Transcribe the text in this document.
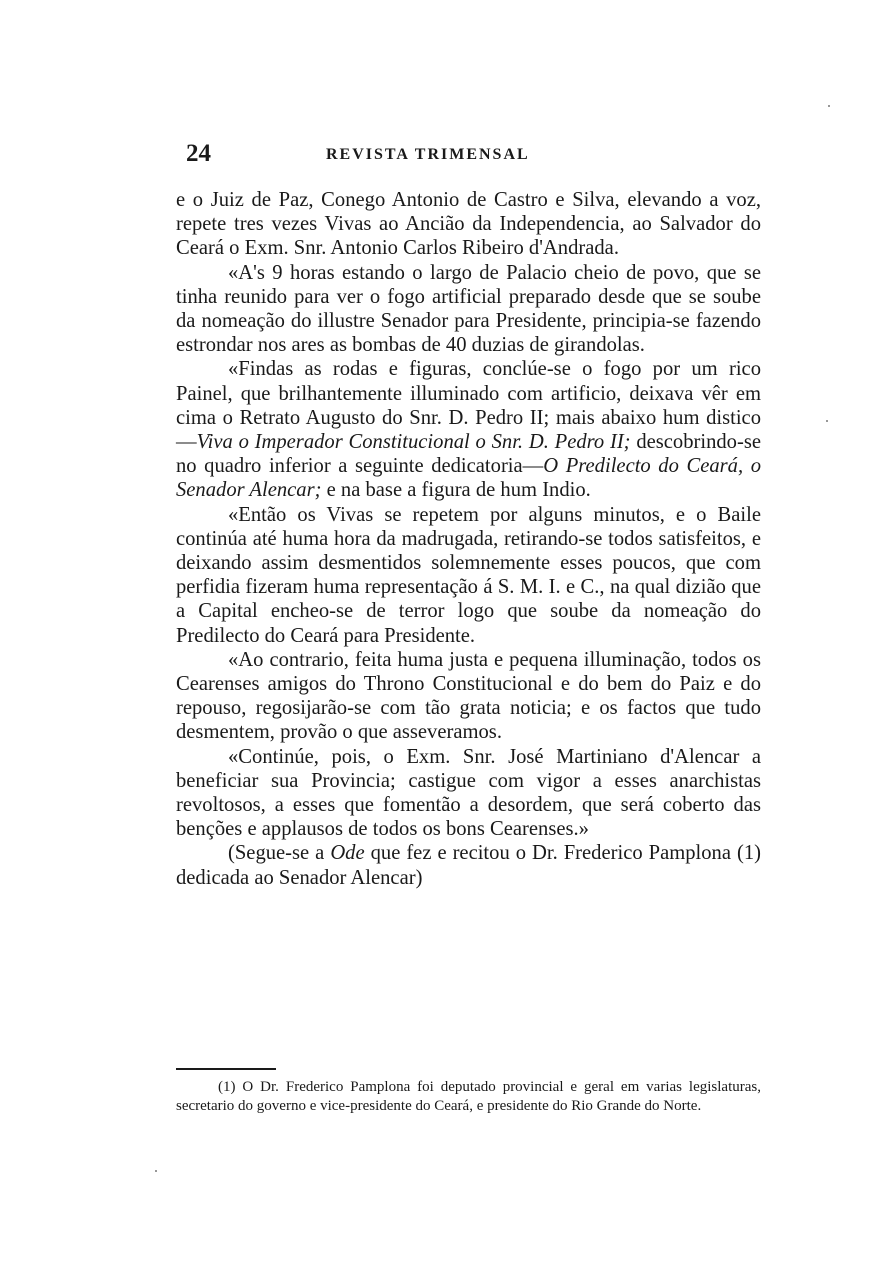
24	REVISTA TRIMENSAL

e o Juiz de Paz, Conego Antonio de Castro e Silva, elevando a voz, repete tres vezes Vivas ao Ancião da Independencia, ao Salvador do Ceará o Exm. Snr. Antonio Carlos Ribeiro d'Andrada.

«A's 9 horas estando o largo de Palacio cheio de povo, que se tinha reunido para ver o fogo artificial preparado desde que se soube da nomeação do illustre Senador para Presidente, principia-se fazendo estrondar nos ares as bombas de 40 duzias de girandolas.

«Findas as rodas e figuras, conclúe-se o fogo por um rico Painel, que brilhantemente illuminado com artificio, deixava vêr em cima o Retrato Augusto do Snr. D. Pedro II; mais abaixo hum distico—Viva o Imperador Constitucional o Snr. D. Pedro II; descobrindo-se no quadro inferior a seguinte dedicatoria—O Predilecto do Ceará, o Senador Alencar; e na base a figura de hum Indio.

«Então os Vivas se repetem por alguns minutos, e o Baile continúa até huma hora da madrugada, retirando-se todos satisfeitos, e deixando assim desmentidos solemnemente esses poucos, que com perfidia fizeram huma representação á S. M. I. e C., na qual dizião que a Capital encheo-se de terror logo que soube da nomeação do Predilecto do Ceará para Presidente.

«Ao contrario, feita huma justa e pequena illuminação, todos os Cearenses amigos do Throno Constitucional e do bem do Paiz e do repouso, regosijarão-se com tão grata noticia; e os factos que tudo desmentem, provão o que asseveramos.

«Continúe, pois, o Exm. Snr. José Martiniano d'Alencar a beneficiar sua Provincia; castigue com vigor a esses anarchistas revoltosos, a esses que fomentão a desordem, que será coberto das benções e applausos de todos os bons Cearenses.»

(Segue-se a Ode que fez e recitou o Dr. Frederico Pamplona (1) dedicada ao Senador Alencar)

(1) O Dr. Frederico Pamplona foi deputado provincial e geral em varias legislaturas, secretario do governo e vice-presidente do Ceará, e presidente do Rio Grande do Norte.
